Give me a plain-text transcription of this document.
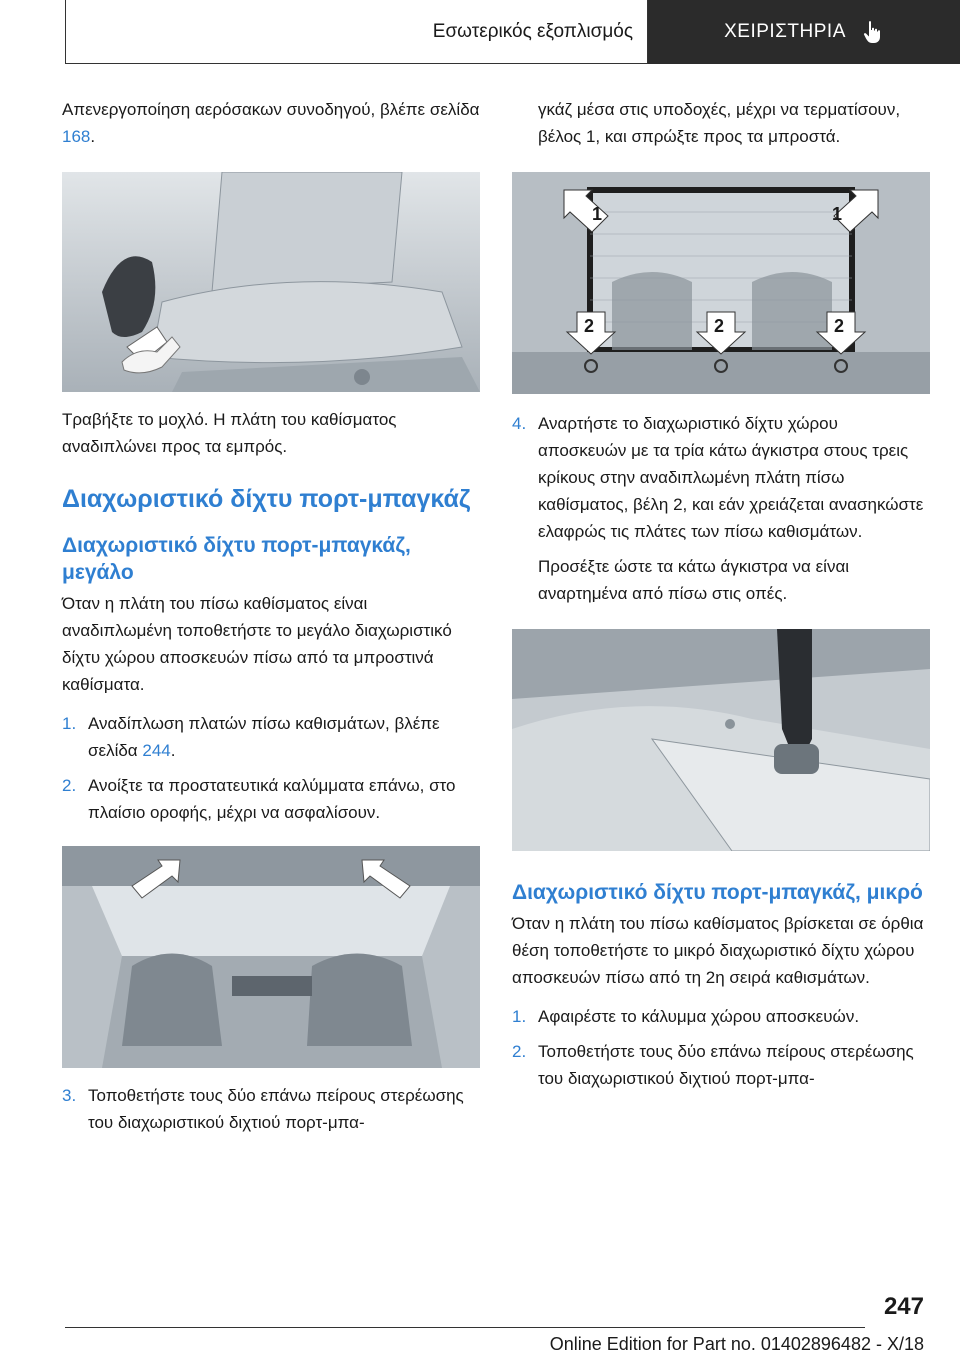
Εσωτερικός εξοπλισμός	ΧΕΙΡΙΣΤΗΡΙΑ

Απενεργοποίηση αερόσακων συνοδηγού, βλέπε σελίδα 168.

Τραβήξτε το μοχλό. Η πλάτη του καθίσματος αναδιπλώνει προς τα εμπρός.

Διαχωριστικό δίχτυ πορτ-μπαγκάζ
Διαχωριστικό δίχτυ πορτ-μπαγκάζ, μεγάλο

Όταν η πλάτη του πίσω καθίσματος είναι αναδιπλωμένη τοποθετήστε το μεγάλο διαχωριστικό δίχτυ χώρου αποσκευών πίσω από τα μπροστινά καθίσματα.

1. Αναδίπλωση πλατών πίσω καθισμάτων, βλέπε σελίδα 244.
2. Ανοίξτε τα προστατευτικά καλύμματα επάνω, στο πλαίσιο οροφής, μέχρι να ασφαλίσουν.
3. Τοποθετήστε τους δύο επάνω πείρους στερέωσης του διαχωριστικού διχτιού πορτ-μπα-

γκάζ μέσα στις υποδοχές, μέχρι να τερματίσουν, βέλος 1, και σπρώξτε προς τα μπροστά.

1	1
2	2	2
4. Αναρτήστε το διαχωριστικό δίχτυ χώρου αποσκευών με τα τρία κάτω άγκιστρα στους τρεις κρίκους στην αναδιπλωμένη πλάτη πίσω καθίσματος, βέλη 2, και εάν χρειάζεται ανασηκώστε ελαφρώς τις πλάτες των πίσω καθισμάτων.

Προσέξτε ώστε τα κάτω άγκιστρα να είναι αναρτημένα από πίσω στις οπές.

Διαχωριστικό δίχτυ πορτ-μπαγκάζ, μικρό

Όταν η πλάτη του πίσω καθίσματος βρίσκεται σε όρθια θέση τοποθετήστε το μικρό διαχωριστικό δίχτυ χώρου αποσκευών πίσω από τη 2η σειρά καθισμάτων.

1. Αφαιρέστε το κάλυμμα χώρου αποσκευών.
2. Τοποθετήστε τους δύο επάνω πείρους στερέωσης του διαχωριστικού διχτιού πορτ-μπα-
247
Online Edition for Part no. 01402896482 - X/18
